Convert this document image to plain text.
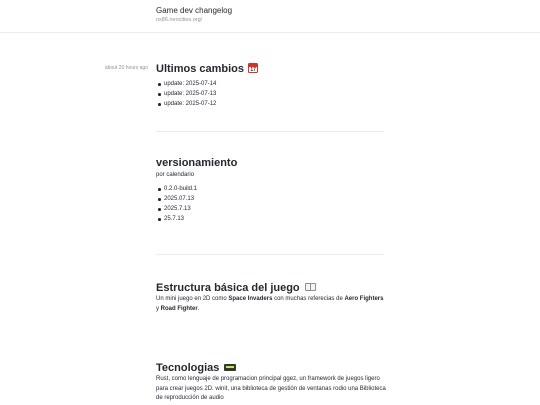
Game dev changelog
nx86.neocities.org/
about 20 hours ago Ultimos cambios 17
update: 2025-07-14
update: 2025-07-13
update: 2025-07-12
versionamiento
por calendario
0.2.0-build.1
2025.07.13
2025.7.13
25.7.13
Estructura básica del juego

Un mini juego en 2D como Space Invaders con muchas referecias de Aero Fighters y Road Fighter.

Tecnologias

Rust, como lenguaje de programacion principal ggez, un framework de juegos ligero para crear juegos 2D. winit, una biblioteca de gestión de ventanas rodio una Biblioteca de reproducción de audio
